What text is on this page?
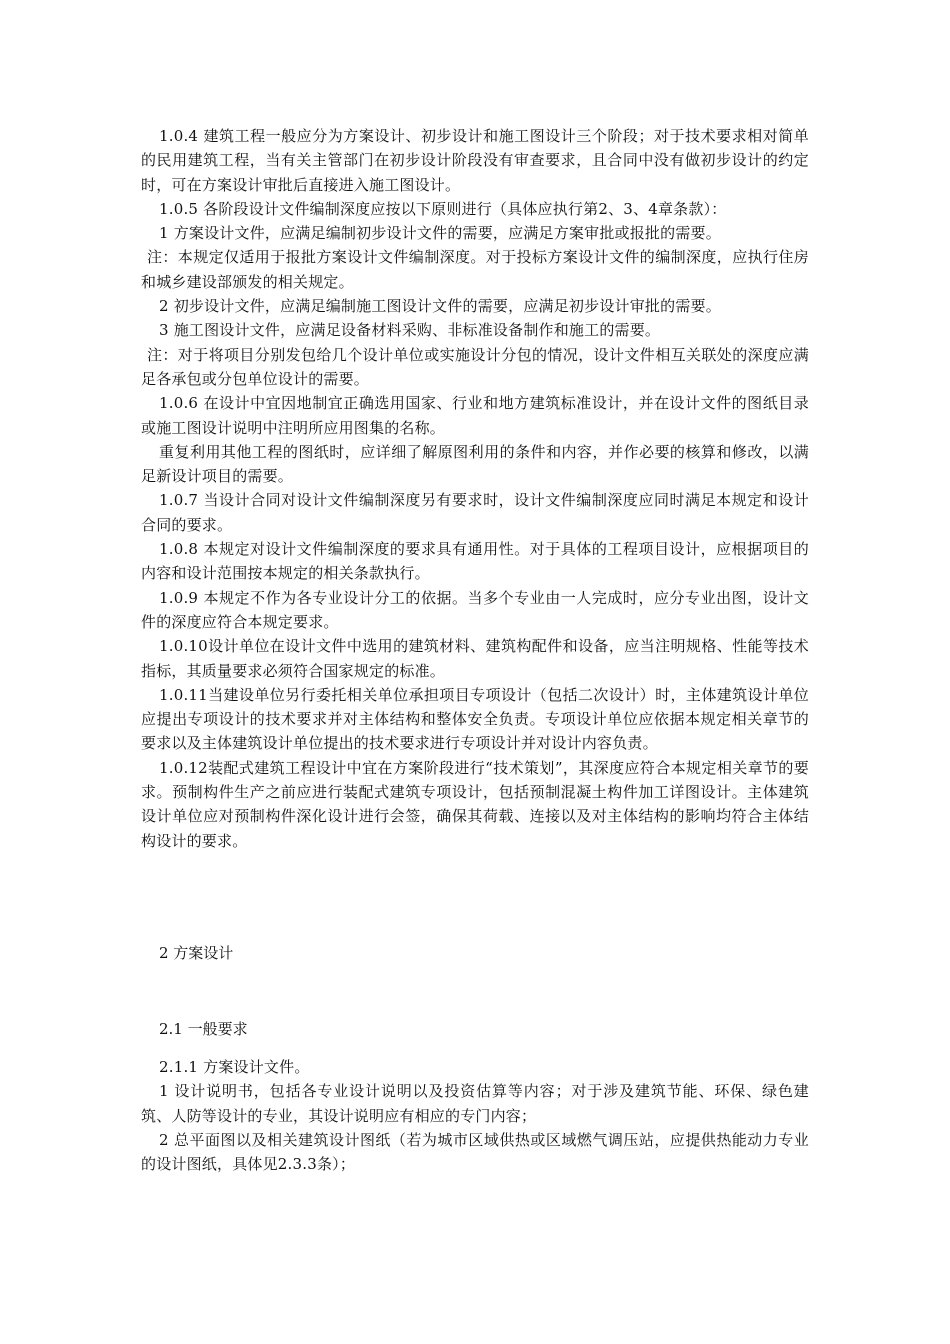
1.0.4 建筑工程一般应分为方案设计、初步设计和施工图设计三个阶段；对于技术要求相对简单的民用建筑工程，当有关主管部门在初步设计阶段没有审查要求，且合同中没有做初步设计的约定时，可在方案设计审批后直接进入施工图设计。

1.0.5 各阶段设计文件编制深度应按以下原则进行（具体应执行第2、3、4章条款）：

1 方案设计文件，应满足编制初步设计文件的需要，应满足方案审批或报批的需要。

注：本规定仅适用于报批方案设计文件编制深度。对于投标方案设计文件的编制深度，应执行住房和城乡建设部颁发的相关规定。

2 初步设计文件，应满足编制施工图设计文件的需要，应满足初步设计审批的需要。

3 施工图设计文件，应满足设备材料采购、非标准设备制作和施工的需要。

注：对于将项目分别发包给几个设计单位或实施设计分包的情况，设计文件相互关联处的深度应满足各承包或分包单位设计的需要。

1.0.6 在设计中宜因地制宜正确选用国家、行业和地方建筑标准设计，并在设计文件的图纸目录或施工图设计说明中注明所应用图集的名称。

重复利用其他工程的图纸时，应详细了解原图利用的条件和内容，并作必要的核算和修改，以满足新设计项目的需要。

1.0.7 当设计合同对设计文件编制深度另有要求时，设计文件编制深度应同时满足本规定和设计合同的要求。

1.0.8 本规定对设计文件编制深度的要求具有通用性。对于具体的工程项目设计，应根据项目的内容和设计范围按本规定的相关条款执行。

1.0.9 本规定不作为各专业设计分工的依据。当多个专业由一人完成时，应分专业出图，设计文件的深度应符合本规定要求。

1.0.10设计单位在设计文件中选用的建筑材料、建筑构配件和设备，应当注明规格、性能等技术指标，其质量要求必须符合国家规定的标准。

1.0.11当建设单位另行委托相关单位承担项目专项设计（包括二次设计）时，主体建筑设计单位应提出专项设计的技术要求并对主体结构和整体安全负责。专项设计单位应依据本规定相关章节的要求以及主体建筑设计单位提出的技术要求进行专项设计并对设计内容负责。

1.0.12装配式建筑工程设计中宜在方案阶段进行“技术策划”，其深度应符合本规定相关章节的要求。预制构件生产之前应进行装配式建筑专项设计，包括预制混凝土构件加工详图设计。主体建筑设计单位应对预制构件深化设计进行会签，确保其荷载、连接以及对主体结构的影响均符合主体结构设计的要求。

2 方案设计

2.1 一般要求

2.1.1 方案设计文件。

1 设计说明书，包括各专业设计说明以及投资估算等内容；对于涉及建筑节能、环保、绿色建筑、人防等设计的专业，其设计说明应有相应的专门内容；

2 总平面图以及相关建筑设计图纸（若为城市区域供热或区域燃气调压站，应提供热能动力专业的设计图纸，具体见2.3.3条）；
